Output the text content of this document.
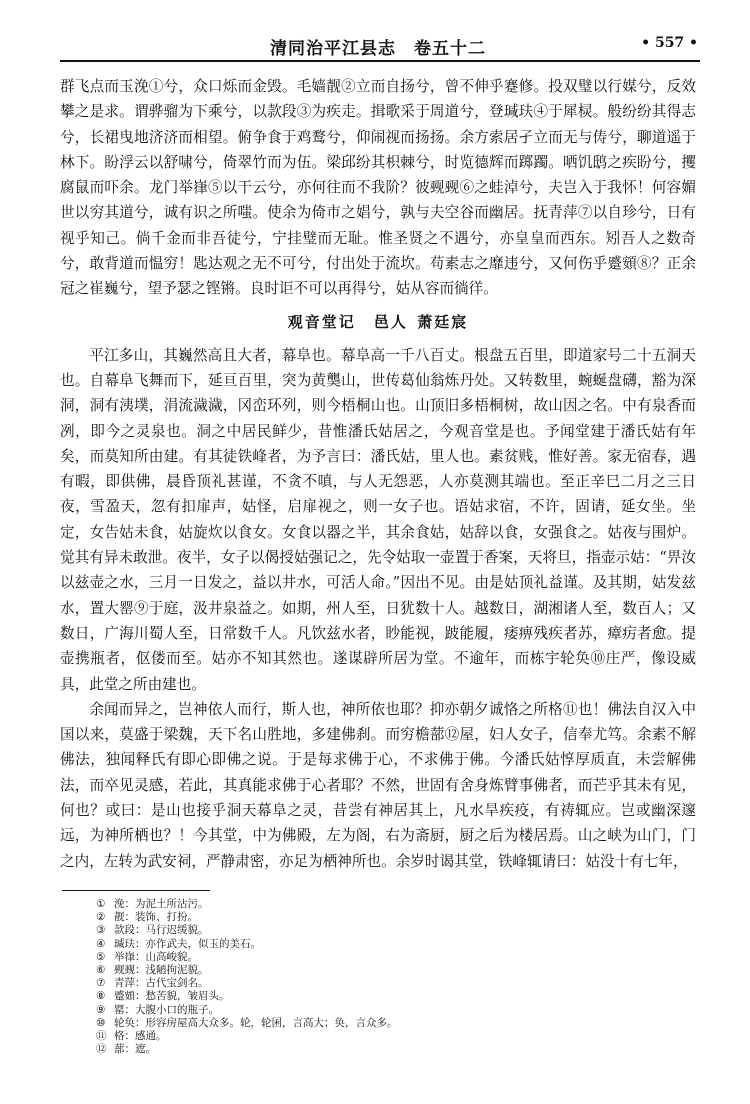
清同治平江县志　卷五十二	• 557 •

群飞点而玉浼①兮，众口烁而金毁。毛嫱靓②立而自扬兮，曾不伸乎蹇修。投双璧以行媒兮，反效攀之是求。谓骅骝为下乘兮，以款段③为疾走。揖歌采于周道兮，登瑊玞④于犀棂。般纷纷其得志兮，长裙曳地济济而相望。俯争食于鸡鹜兮，仰闹视而扬扬。余方索居孑立而无与俦兮，聊道遥于林下。盼浮云以舒啸兮，倚翠竹而为伍。梁邱纷其枳棘兮，时览德辉而踯躅。哂饥鸱之疾盼兮，攫腐鼠而吓余。龙门举嵂⑤以干云兮，亦何往而不我阶？彼觋觋⑥之蛙淖兮，夫岂入于我怀！何容媚世以穷其道兮，诚有识之所嗤。使余为倚市之娼兮，孰与夫空谷而幽居。抚青萍⑦以自珍兮，日有视乎知己。倘千金而非吾徒兮，宁挂璧而无耻。惟圣贤之不遇兮，亦皇皇而西东。矧吾人之数奇兮，敢背道而愠穷！匙达观之无不可兮，付出处于流坎。苟素志之靡违兮，又何伤乎蹙頞⑧？正余冠之崔巍兮，望予瑟之铿锵。良时讵不可以再得兮，姑从容而徜徉。

观音堂记 邑人  萧廷宸

平江多山，其巍然高且大者，幕阜也。幕阜高一千八百丈。根盘五百里，即道家号二十五洞天也。自幕阜飞舞而下，延亘百里，突为黄龑山，世传葛仙翁炼丹处。又转数里，蜿蜒盘礴，豁为深洞，洞有洟墣，涓流濊濊，冈峦环列，则今梧桐山也。山顶旧多梧桐树，故山因之名。中有泉香而冽，即今之灵泉也。洞之中居民鲜少，昔惟潘氏姑居之，今观音堂是也。予闻堂建于潘氏姑有年矣，而莫知所由建。有其徒铁峰者，为予言曰：潘氏姑，里人也。素贫贱，惟好善。家无宿春，遇有暇，即供佛，晨昏顶礼甚谨，不贪不嗔，与人无怨恶，人亦莫测其端也。至正辛巳二月之三日夜，雪盈天，忽有扣扉声，姑怪，启扉视之，则一女子也。语姑求宿，不许，固请，延女坐。坐定，女告姑未食，姑旋炊以食女。女食以器之半，其余食姑，姑辞以食，女强食之。姑夜与围炉。觉其有异未敢泄。夜半，女子以偈授姑强记之，先令姑取一壶置于香案，天将旦，指壶示姑：“畀汝以兹壶之水，三月一日发之，益以井水，可活人命。”因出不见。由是姑顶礼益谨。及其期，姑发兹水，置大罂⑨于庭，汲井泉益之。如期，州人至，日犹数十人。越数日，湖湘诸人至，数百人；又数日，广海川蜀人至，日常数千人。凡饮兹水者，眇能视，跛能履，痿痹残疾者苏，瘴疠者愈。提壶携瓶者，伛偻而至。姑亦不知其然也。遂谋辟所居为堂。不逾年，而栋宇轮奂⑩庄严，像设威具，此堂之所由建也。

余闻而异之，岂神依人而行，斯人也，神所依也耶？抑亦朝夕诚恪之所格⑪也！佛法自汉入中国以来，莫盛于梁魏，天下名山胜地，多建佛刹。而穷檐蔀⑫屋，妇人女子，信奉尤笃。余素不解佛法，独闻释氏有即心即佛之说。于是每求佛于心，不求佛于佛。今潘氏姑惇厚质直，未尝解佛法，而卒见灵感，若此，其真能求佛于心者耶？不然，世固有舍身炼臂事佛者，而芒乎其未有见，何也？或曰：是山也接乎洞天幕阜之灵，昔尝有神居其上，凡水旱疾疫，有祷辄应。岂或幽深邃远，为神所栖也？！今其堂，中为佛殿，左为阁，右为斋厨，厨之后为楼居焉。山之峡为山门，门之内，左转为武安祠，严静肃密，亦足为栖神所也。余岁时谒其堂，铁峰辄请曰：姑没十有七年，

① 浼：为泥土所沾污。

② 靓：装饰、打扮。

③ 款段：马行迟缓貌。

④ 瑊玞：亦作武夫，似玉的美石。

⑤ 举嵂：山高峻貌。

⑥ 觋觋：浅陋拘泥貌。

⑦ 青萍：古代宝剑名。

⑧ 蹙頞：愁苦貌，皱眉头。

⑨ 罂：大腹小口的瓶子。

⑩ 轮奂：形容房屋高大众多。轮，轮囷，言高大；奂，言众多。

⑪ 格：感通。

⑫ 蔀：遮。
